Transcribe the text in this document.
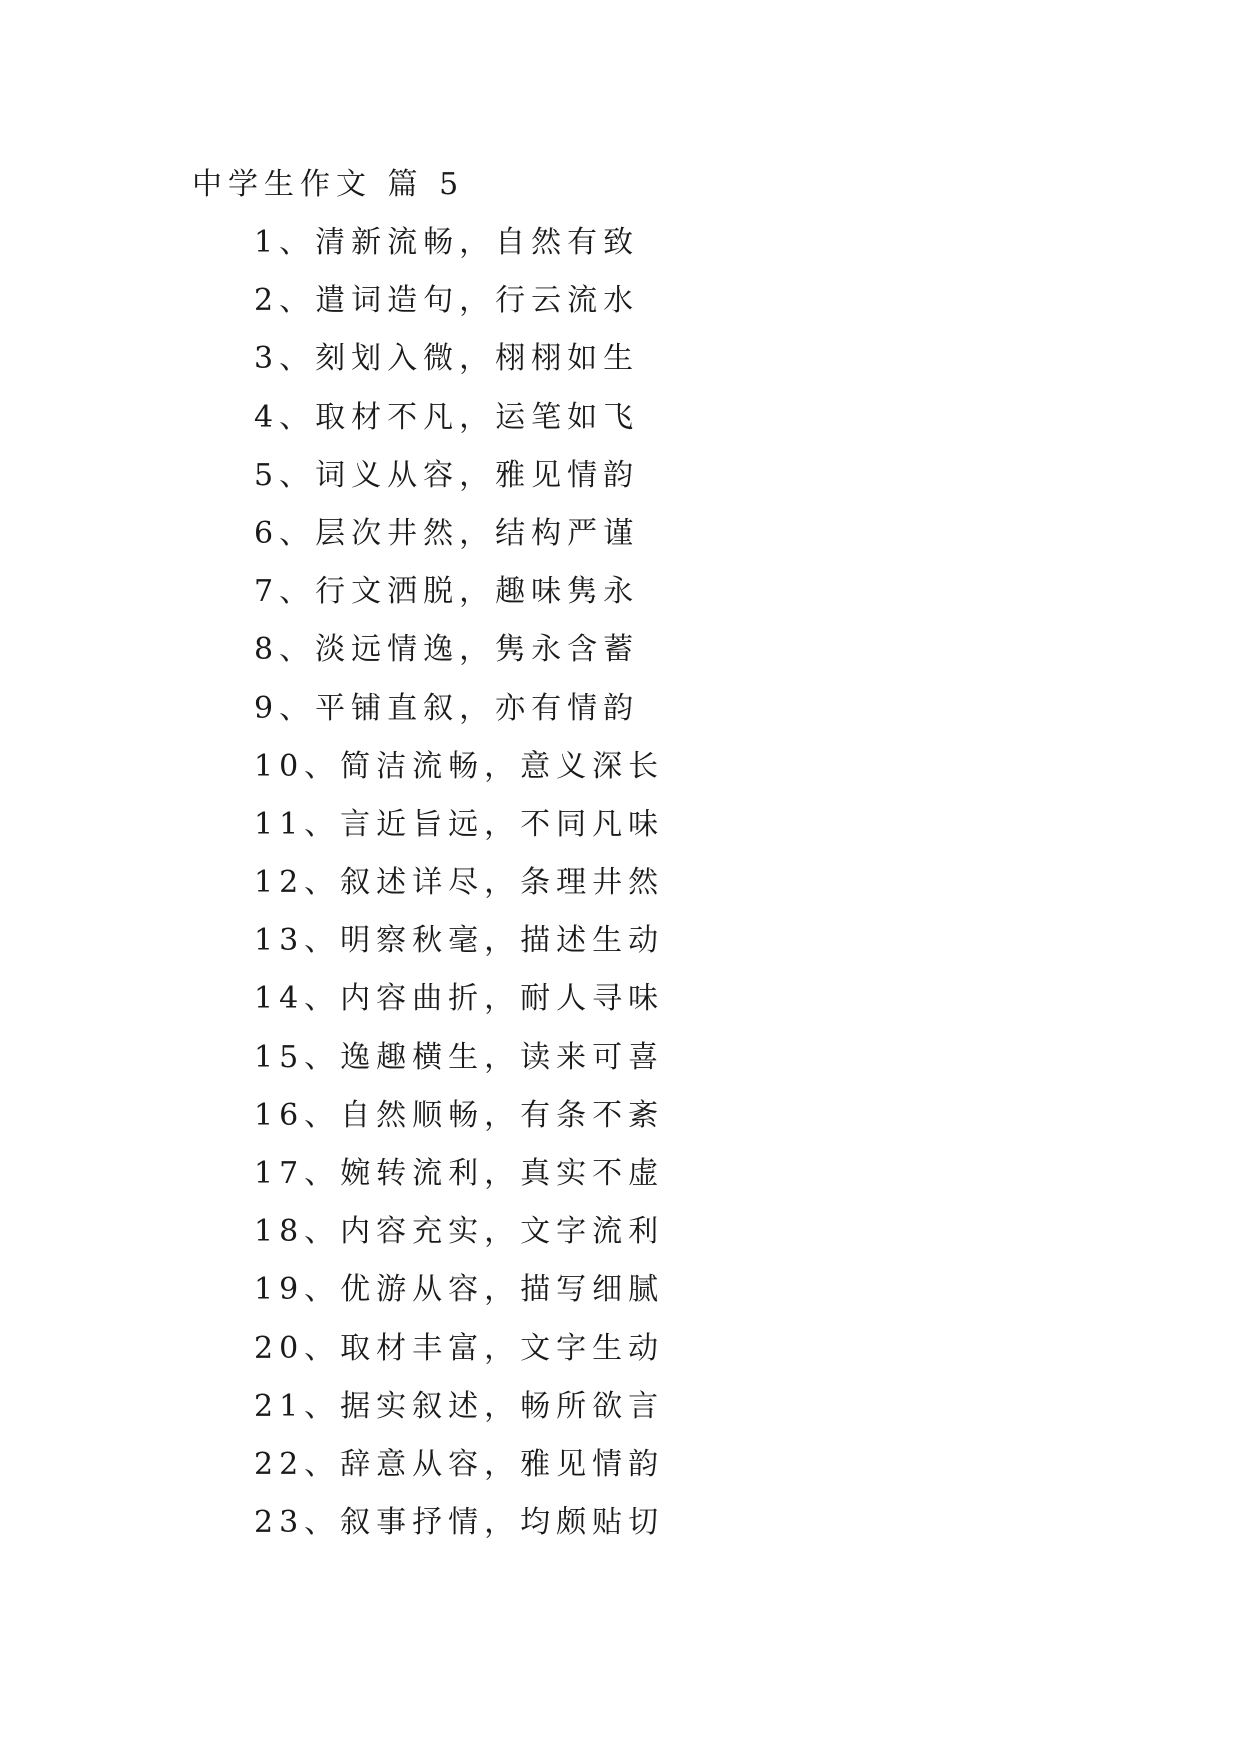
中学生作文 篇 5
1、清新流畅，自然有致
2、遣词造句，行云流水
3、刻划入微，栩栩如生
4、取材不凡，运笔如飞
5、词义从容，雅见情韵
6、层次井然，结构严谨
7、行文洒脱，趣味隽永
8、淡远情逸，隽永含蓄
9、平铺直叙，亦有情韵
10、简洁流畅，意义深长
11、言近旨远，不同凡味
12、叙述详尽，条理井然
13、明察秋毫，描述生动
14、内容曲折，耐人寻味
15、逸趣横生，读来可喜
16、自然顺畅，有条不紊
17、婉转流利，真实不虚
18、内容充实，文字流利
19、优游从容，描写细腻
20、取材丰富，文字生动
21、据实叙述，畅所欲言
22、辞意从容，雅见情韵
23、叙事抒情，均颇贴切
